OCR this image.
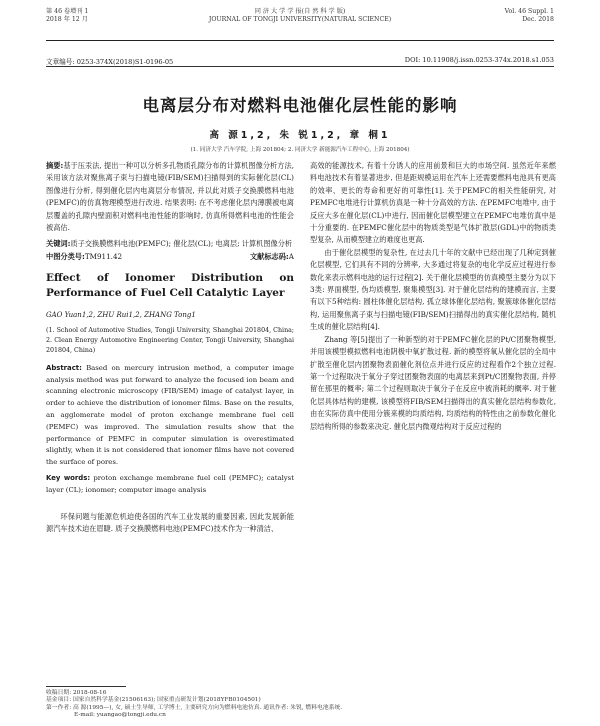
第 46 卷增刊 1
2018 年 12 月
同 济 大 学 学 报(自 然 科 学 版)
JOURNAL OF TONGJI UNIVERSITY(NATURAL SCIENCE)
Vol. 46 Suppl. 1
Dec. 2018
文章编号: 0253-374X(2018)S1-0196-05	DOI: 10.11908/j.issn.0253-374x.2018.s1.053
电离层分布对燃料电池催化层性能的影响
高 源1,2, 朱 锐1,2, 章 桐1
(1. 同济大学 汽车学院, 上海 201804; 2. 同济大学 新能源汽车工程中心, 上海 201804)
摘要:基于压汞法, 提出一种可以分析多孔物质孔隙分布的计算机图像分析方法, 采用该方法对聚焦离子束与扫描电镜(FIB/SEM)扫描得到的实际催化层(CL)图像进行分析, 得到催化层内电离层分布情况, 并以此对质子交换膜燃料电池(PEMFC)的仿真物理模型进行改进. 结果表明: 在不考虑催化层内薄膜被电离层覆盖的孔隙内壁面积对燃料电池性能的影响时, 仿真所得燃料电池的性能会被高估.
关键词:质子交换膜燃料电池(PEMFC); 催化层(CL); 电离层; 计算机图像分析
中图分类号:TM911.42	文献标志码:A
Effect of Ionomer Distribution on Performance of Fuel Cell Catalytic Layer
GAO Yuan1,2, ZHU Rui1,2, ZHANG Tong1
(1. School of Automotive Studies, Tongji University, Shanghai 201804, China; 2. Clean Energy Automotive Engineering Center, Tongji University, Shanghai 201804, China)
Abstract: Based on mercury intrusion method, a computer image analysis method was put forward to analyze the focused ion beam and scanning electronic microscopy (FIB/SEM) image of catalyst layer, in order to achieve the distribution of ionomer films. Base on the results, an agglomerate model of proton exchange membrane fuel cell (PEMFC) was improved. The simulation results show that the performance of PEMFC in computer simulation is overestimated slightly, when it is not considered that ionomer films have not covered the surface of pores.
Key words: proton exchange membrane fuel cell (PEMFC); catalyst layer (CL); ionomer; computer image analysis
环保问题与能源危机迫使各国的汽车工业发展的重要因素, 因此发展新能源汽车技术迫在眉睫. 质子交换膜燃料电池(PEMFC)技术作为一种清洁、
高效的能源技术, 有着十分诱人的应用前景和巨大的市场空间. 虽然近年来燃料电池技术有着显著进步, 但是距规模运用在汽车上还需要燃料电池具有更高的效率、更长的寿命和更好的可靠性[1]. 关于PEMFC的相关性能研究, 对PEMFC电堆进行计算机仿真是一种十分高效的方法. 在PEMFC电堆中, 由于反应大多在催化层(CL)中进行, 因而催化层模型建立在PEMFC电堆仿真中是十分重要的. 在PEMFC催化层中的物质类型是气体扩散层(GDL)中的物质类型复杂, 从而模型建立的难度也更高.
由于催化层模型的复杂性, 在过去几十年的文献中已经出现了几种定到催化层模型, 它们具有不同的分辨率, 大多通过将复杂的电化学反应过程进行参数化来表示燃料电池的运行过程[2]. 关于催化层模型的仿真模型主要分为以下3类: 界面模型, 伪均质模型, 聚集模型[3]. 对于催化层结构的建模而言, 主要有以下5种结构: 圆柱体催化层结构, 孤立球体催化层结构, 聚簇球体催化层结构, 运用聚焦离子束与扫描电镜(FIB/SEM)扫描得出的真实催化层结构, 随机生成的催化层结构[4].
Zhang 等[5]提出了一种新型的对于PEMFC催化层的Pt/C团聚物模型, 并用该模型模拟燃料电池阴极中氧扩散过程. 新的模型将氧从催化层的全局中扩散至催化层内团聚物表面催化剂位点并进行反应的过程看作2个独立过程. 第一个过程取决于氧分子穿过团聚物表面的电离层来到Pt/C团聚物表面, 并停留在那里的概率; 第二个过程则取决于氧分子在反应中被消耗的概率. 对于催化层具体结构的建模, 该模型将FIB/SEM扫描得出的真实催化层结构参数化, 由在实际仿真中使用分簇来模的均质结构, 均质结构的特性由之前参数化催化层结构所得的参数来决定. 催化层内微观结构对于反应过程的
收稿日期: 2018-08-16
基金项目: 国家自然科学基金(21506163); 国家重点研发计划(2018YFB0104501)
第一作者: 高 源(1995—), 女, 硕士生导师, 工学博士, 主要研究方向为燃料电池仿真. 通讯作者: 朱锐, 燃料电池系统.
E-mail: yuangao@tongji.edu.cn
